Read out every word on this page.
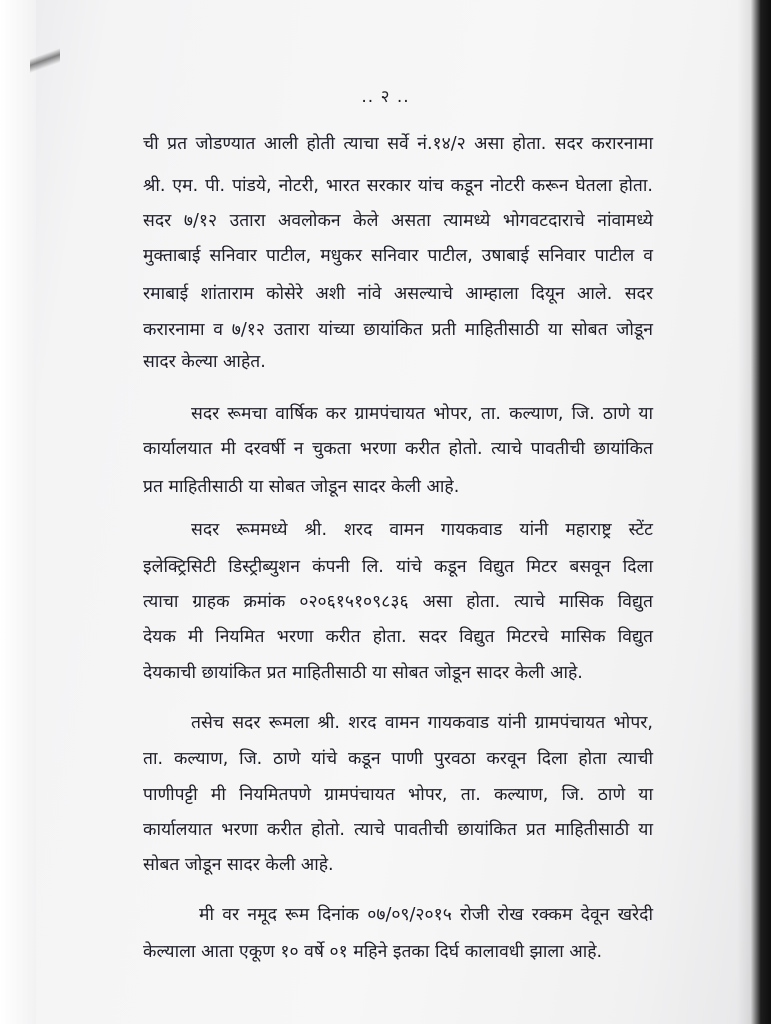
.. २ ..
ची प्रत जोडण्यात आली होती त्याचा सर्वे नं.१४/२ असा होता. सदर करारनामा
श्री. एम. पी. पांडये, नोटरी, भारत सरकार यांच कडून नोटरी करून घेतला होता.
सदर ७/१२ उतारा अवलोकन केले असता त्यामध्ये भोगवटदाराचे नांवामध्ये
मुक्ताबाई सनिवार पाटील, मधुकर सनिवार पाटील, उषाबाई सनिवार पाटील व
रमाबाई शांताराम कोसेरे अशी नांवे असल्याचे आम्हाला दियून आले. सदर
करारनामा व ७/१२ उतारा यांच्या छायांकित प्रती माहितीसाठी या सोबत जोडून
सादर केल्या आहेत.
सदर रूमचा वार्षिक कर ग्रामपंचायत भोपर, ता. कल्याण, जि. ठाणे या
कार्यालयात मी दरवर्षी न चुकता भरणा करीत होतो. त्याचे पावतीची छायांकित
प्रत माहितीसाठी या सोबत जोडून सादर केली आहे.
सदर रूममध्ये श्री. शरद वामन गायकवाड यांनी महाराष्ट्र स्टेंट
इलेक्ट्रिसिटी डिस्ट्रीब्युशन कंपनी लि. यांचे कडून विद्युत मिटर बसवून दिला
त्याचा ग्राहक क्रमांक ०२०६१५१०९८३६ असा होता. त्याचे मासिक विद्युत
देयक मी नियमित भरणा करीत होता. सदर विद्युत मिटरचे मासिक विद्युत
देयकाची छायांकित प्रत माहितीसाठी या सोबत जोडून सादर केली आहे.
तसेच सदर रूमला श्री. शरद वामन गायकवाड यांनी ग्रामपंचायत भोपर,
ता. कल्याण, जि. ठाणे यांचे कडून पाणी पुरवठा करवून दिला होता त्याची
पाणीपट्टी मी नियमितपणे ग्रामपंचायत भोपर, ता. कल्याण, जि. ठाणे या
कार्यालयात भरणा करीत होतो. त्याचे पावतीची छायांकित प्रत माहितीसाठी या
सोबत जोडून सादर केली आहे.
मी वर नमूद रूम दिनांक ०७/०९/२०१५ रोजी रोख रक्कम देवून खरेदी
केल्याला आता एकूण १० वर्षे ०१ महिने इतका दिर्घ कालावधी झाला आहे.
